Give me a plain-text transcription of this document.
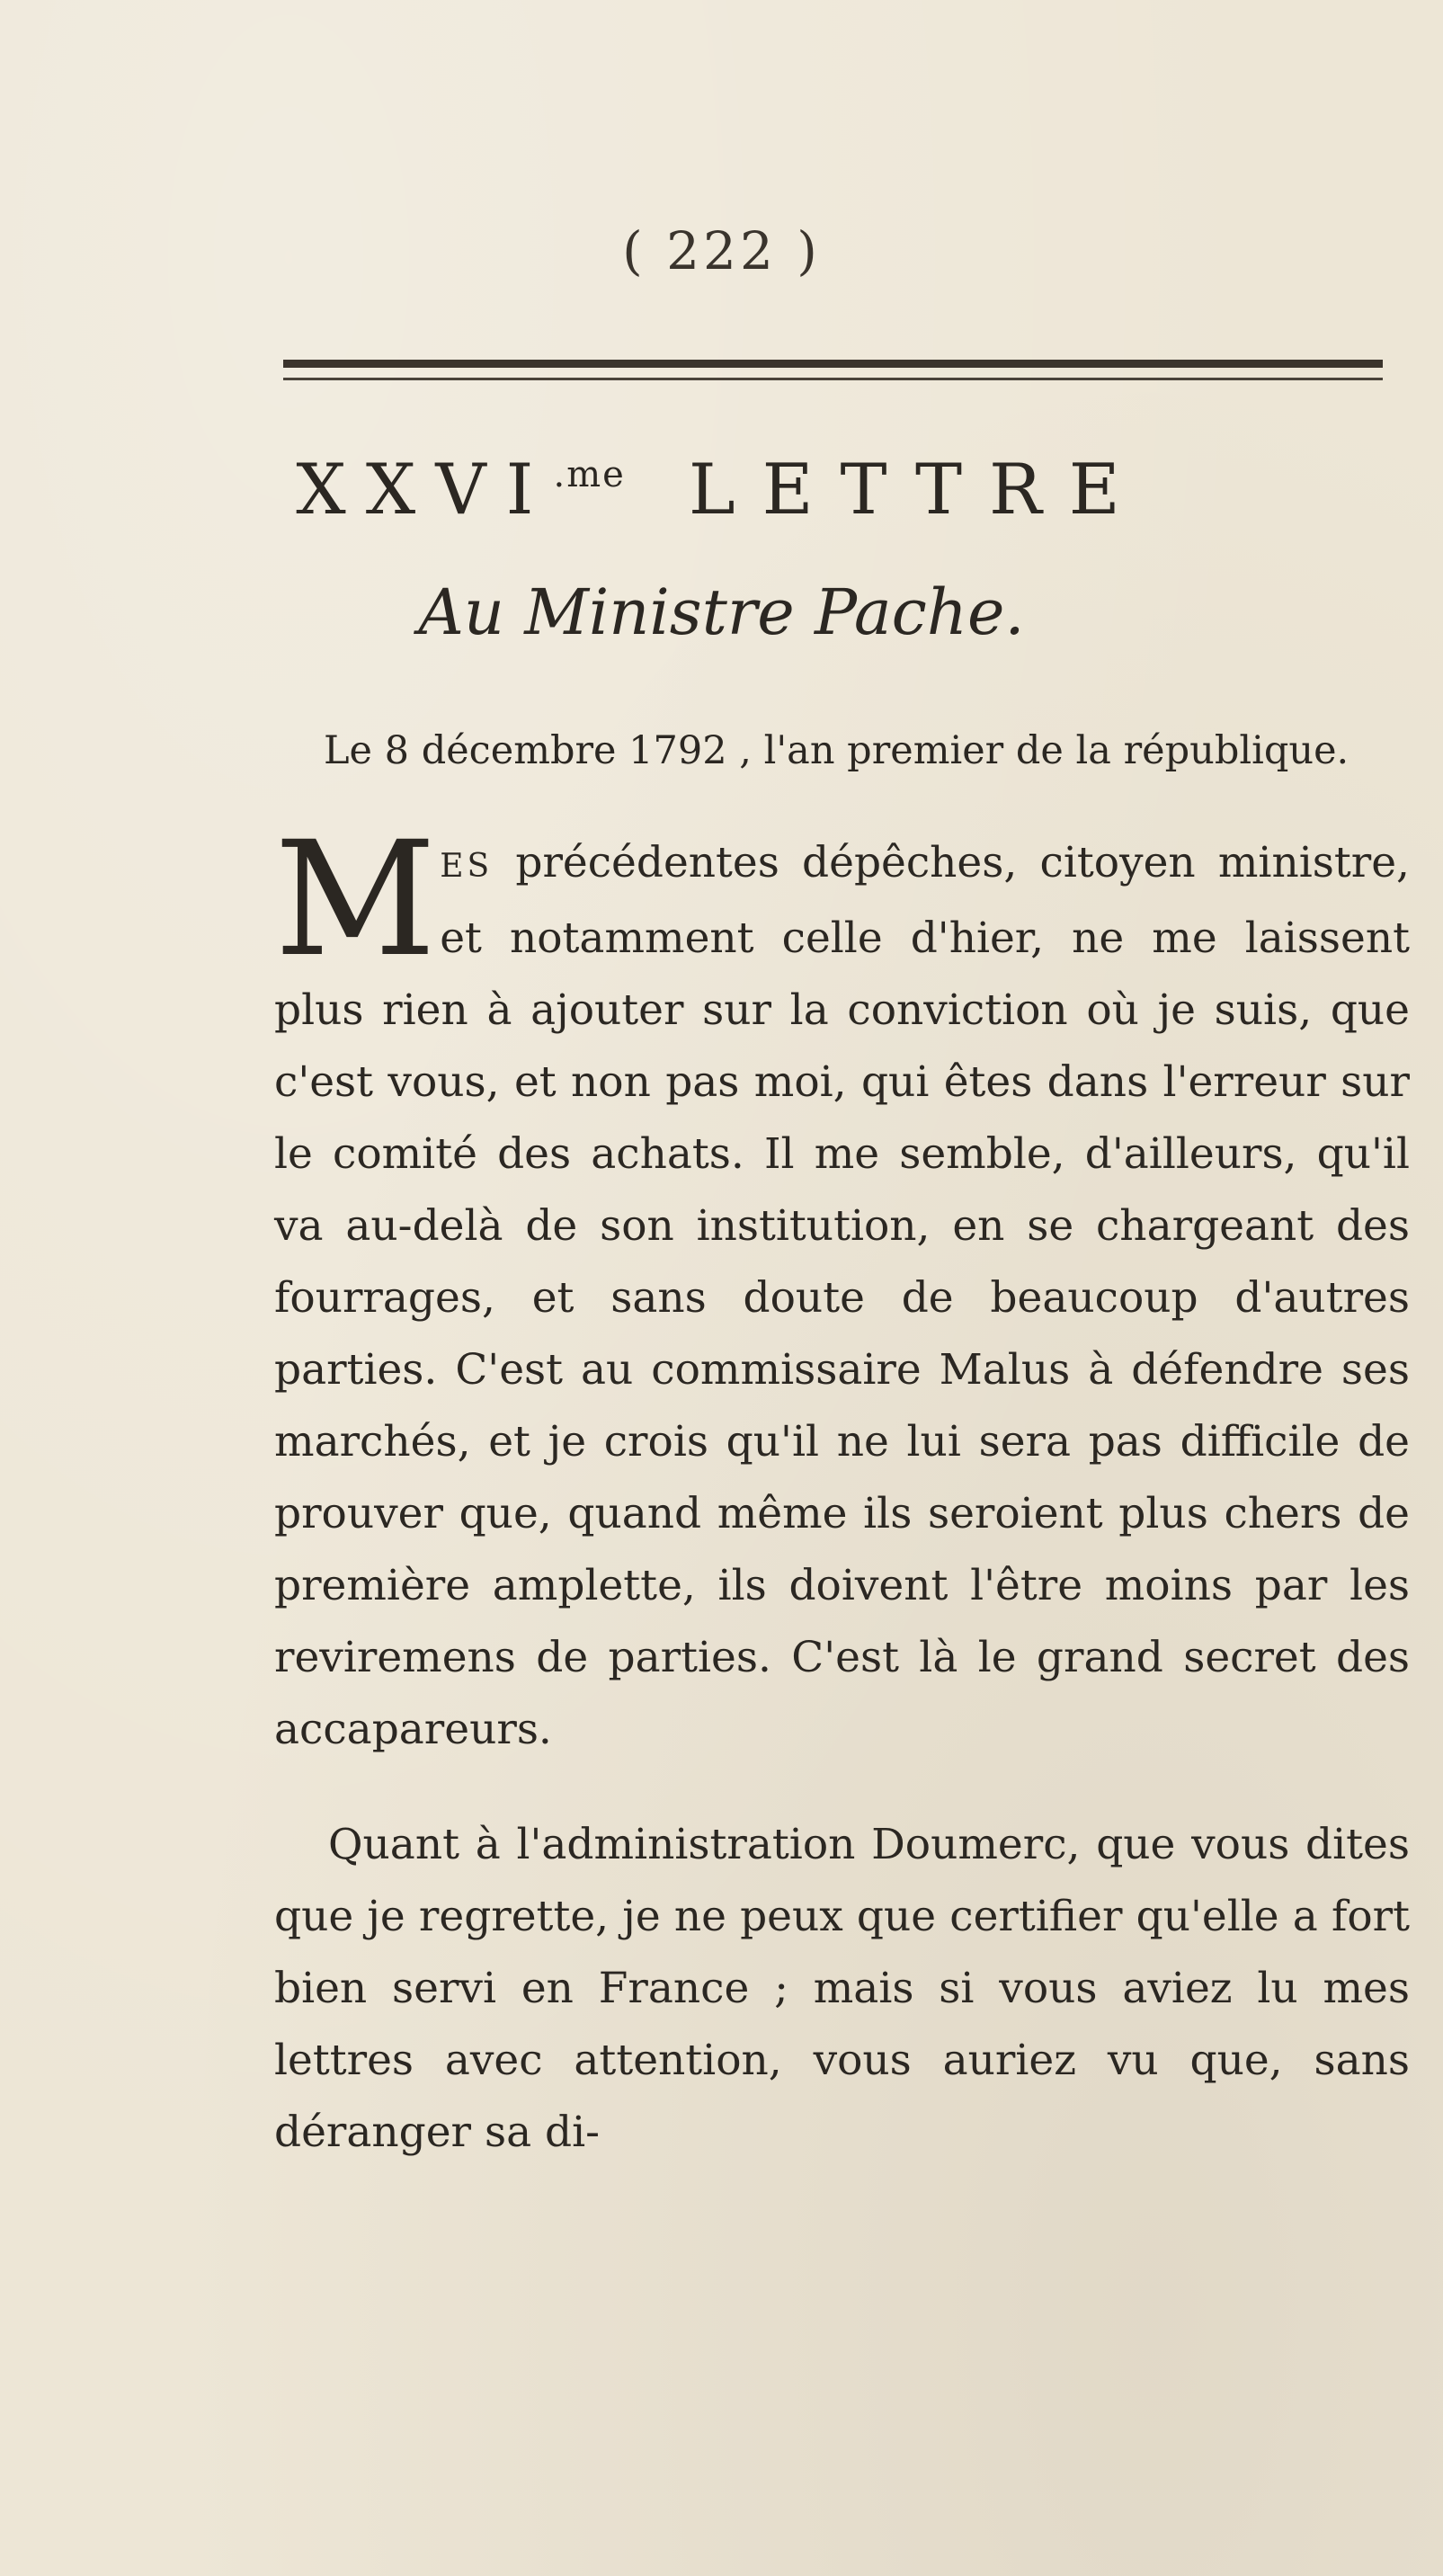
( 222 )
$XXVI^{.me}$ LETTRE
Au Ministre Pache.
Le 8 décembre 1792 , l'an premier de la république.

MES précédentes dépêches, citoyen ministre, et notamment celle d'hier, ne me laissent plus rien à ajouter sur la conviction où je suis, que c'est vous, et non pas moi, qui êtes dans l'erreur sur le comité des achats. Il me semble, d'ailleurs, qu'il va au-delà de son institution, en se chargeant des fourrages, et sans doute de beaucoup d'autres parties. C'est au commissaire Malus à défendre ses marchés, et je crois qu'il ne lui sera pas difficile de prouver que, quand même ils seroient plus chers de première amplette, ils doivent l'être moins par les reviremens de parties. C'est là le grand secret des accapareurs.

Quant à l'administration Doumerc, que vous dites que je regrette, je ne peux que certifier qu'elle a fort bien servi en France ; mais si vous aviez lu mes lettres avec attention, vous auriez vu que, sans déranger sa di-
